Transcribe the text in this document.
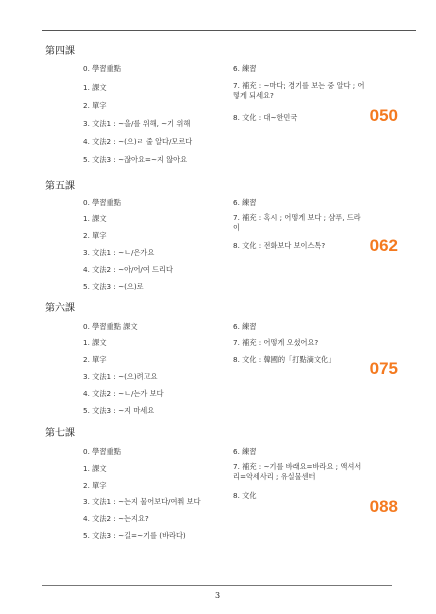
第四課
0. 學習重點
1. 課文
2. 單字
3. 文法1 : ~을/를 위해, ~기 위해
4. 文法2 : ~(으)ㄹ 줄 알다/모르다
5. 文法3 : ~잖아요=~지 않아요
6. 練習
7. 補充 : ~마다; 경기를 보는 중 알다 ; 어떻게 되세요?
8. 文化 : 대~한민국	050
第五課
0. 學習重點
1. 課文
2. 單字
3. 文法1 : ~ㄴ/은가요
4. 文法2 : ~아/어/여 드리다
5. 文法3 : ~(으)로
6. 練習
7. 補充 : 혹시 ; 어떻게 보다 ; 샴푸, 드라이
8. 文化 : 전화보다 보이스톡?	062
第六課
0. 學習重點 課文
1. 課文
2. 單字
3. 文法1 : ~(으)려고요
4. 文法2 : ~ㄴ/는가 보다
5. 文法3 : ~지 마세요
6. 練習
7. 補充 : 어떻게 오셨어요?
8. 文化 : 韓國的「打點滴文化」 075
第七課
0. 學習重點
1. 課文
2. 單字
3. 文法1 : ~는지 물어보다/여쭤 보다
4. 文法2 : ~는지요?
5. 文法3 : ~길=~기를 (바라다)
6. 練習
7. 補充 : ~기를 바래요=바라요 ; 액셔서리=악세사리 ; 유실물센터
8. 文化
088
3
